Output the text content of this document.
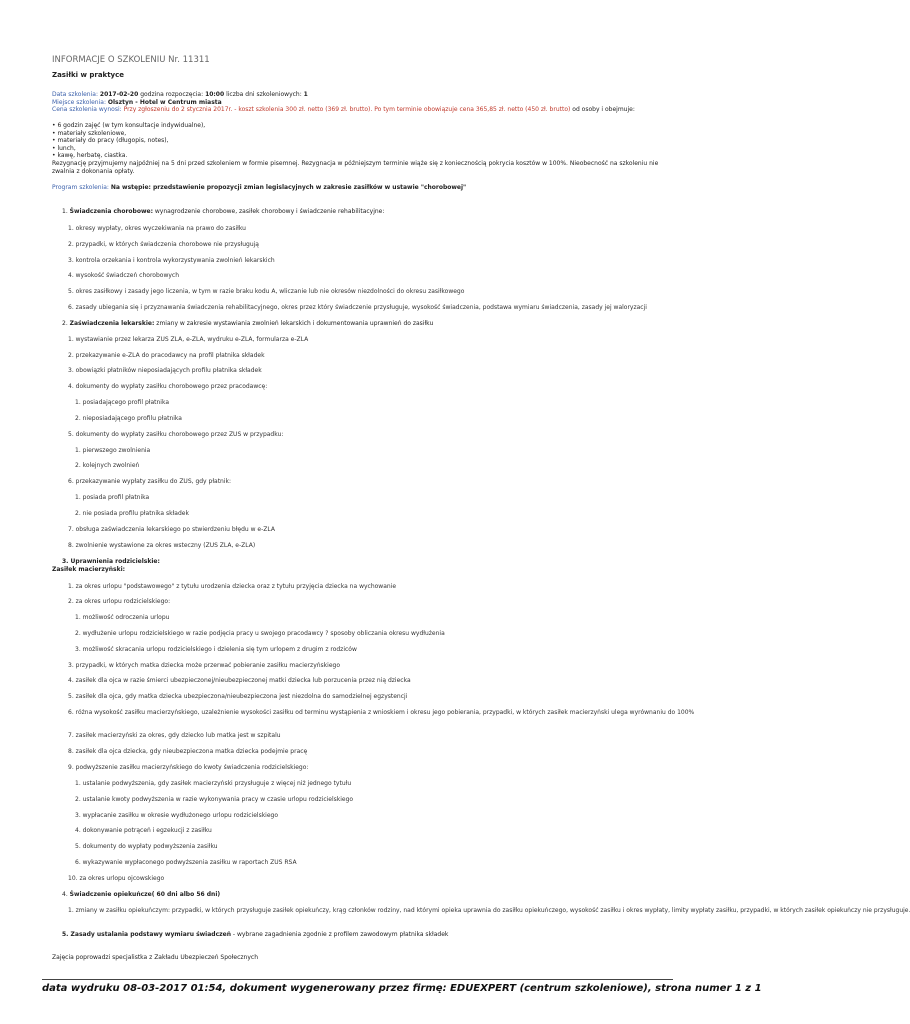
INFORMACJE O SZKOLENIU Nr. 11311
Zasiłki w praktyce
Data szkolenia: 2017-02-20 godzina rozpoczęcia: 10:00 liczba dni szkoleniowych: 1
Miejsce szkolenia: Olsztyn - Hotel w Centrum miasta
Cena szkolenia wynosi: Przy zgłoszeniu do 2 stycznia 2017r. - koszt szkolenia 300 zł. netto (369 zł. brutto). Po tym terminie obowiązuje cena 365,85 zł. netto (450 zł. brutto) od osoby i obejmuje:
• 6 godzin zajęć (w tym konsultacje indywidualne),
• materiały szkoleniowe,
• materiały do pracy (długopis, notes),
• lunch,
• kawę, herbatę, ciastka.
Rezygnację przyjmujemy najpóźniej na 5 dni przed szkoleniem w formie pisemnej. Rezygnacja w późniejszym terminie wiąże się z koniecznością pokrycia kosztów w 100%. Nieobecność na szkoleniu nie zwalnia z dokonania opłaty.
Program szkolenia: Na wstępie: przedstawienie propozycji zmian legislacyjnych w zakresie zasiłków w ustawie "chorobowej"
1. Świadczenia chorobowe: wynagrodzenie chorobowe, zasiłek chorobowy i świadczenie rehabilitacyjne:
1. okresy wypłaty, okres wyczekiwania na prawo do zasiłku
2. przypadki, w których świadczenia chorobowe nie przysługują
3. kontrola orzekania i kontrola wykorzystywania zwolnień lekarskich
4. wysokość świadczeń chorobowych
5. okres zasiłkowy i zasady jego liczenia, w tym w razie braku kodu A, wliczanie lub nie okresów niezdolności do okresu zasiłkowego
6. zasady ubiegania się i przyznawania świadczenia rehabilitacyjnego, okres przez który świadczenie przysługuje, wysokość świadczenia, podstawa wymiaru świadczenia, zasady jej waloryzacji
2. Zaświadczenia lekarskie: zmiany w zakresie wystawiania zwolnień lekarskich i dokumentowania uprawnień do zasiłku
1. wystawianie przez lekarza ZUS ZLA, e-ZLA, wydruku e-ZLA, formularza e-ZLA
2. przekazywanie e-ZLA do pracodawcy na profil płatnika składek
3. obowiązki płatników nieposiadających profilu płatnika składek
4. dokumenty do wypłaty zasiłku chorobowego przez pracodawcę:
1. posiadającego profil płatnika
2. nieposiadającego profilu płatnika
5. dokumenty do wypłaty zasiłku chorobowego przez ZUS w przypadku:
1. pierwszego zwolnienia
2. kolejnych zwolnień
6. przekazywanie wypłaty zasiłku do ZUS, gdy płatnik:
1. posiada profil płatnika
2. nie posiada profilu płatnika składek
7. obsługa zaświadczenia lekarskiego po stwierdzeniu błędu w e-ZLA
8. zwolnienie wystawione za okres wsteczny (ZUS ZLA, e-ZLA)
3. Uprawnienia rodzicielskie:
Zasiłek macierzyński:
1. za okres urlopu "podstawowego" z tytułu urodzenia dziecka oraz z tytułu przyjęcia dziecka na wychowanie
2. za okres urlopu rodzicielskiego:
1. możliwość odroczenia urlopu
2. wydłużenie urlopu rodzicielskiego w razie podjęcia pracy u swojego pracodawcy ? sposoby obliczania okresu wydłużenia
3. możliwość skracania urlopu rodzicielskiego i dzielenia się tym urlopem z drugim z rodziców
3. przypadki, w których matka dziecka może przerwać pobieranie zasiłku macierzyńskiego
4. zasiłek dla ojca w razie śmierci ubezpieczonej/nieubezpieczonej matki dziecka lub porzucenia przez nią dziecka
5. zasiłek dla ojca, gdy matka dziecka ubezpieczona/nieubezpieczona jest niezdolna do samodzielnej egzystencji
6. różna wysokość zasiłku macierzyńskiego, uzależnienie wysokości zasiłku od terminu wystąpienia z wnioskiem i okresu jego pobierania, przypadki, w których zasiłek macierzyński ulega wyrównaniu do 100%
7. zasiłek macierzyński za okres, gdy dziecko lub matka jest w szpitalu
8. zasiłek dla ojca dziecka, gdy nieubezpieczona matka dziecka podejmie pracę
9. podwyższenie zasiłku macierzyńskiego do kwoty świadczenia rodzicielskiego:
1. ustalanie podwyższenia, gdy zasiłek macierzyński przysługuje z więcej niż jednego tytułu
2. ustalanie kwoty podwyższenia w razie wykonywania pracy w czasie urlopu rodzicielskiego
3. wypłacanie zasiłku w okresie wydłużonego urlopu rodzicielskiego
4. dokonywanie potrąceń i egzekucji z zasiłku
5. dokumenty do wypłaty podwyższenia zasiłku
6. wykazywanie wypłaconego podwyższenia zasiłku w raportach ZUS RSA
10. za okres urlopu ojcowskiego
4. Świadczenie opiekuńcze( 60 dni albo 56 dni)
1. zmiany w zasiłku opiekuńczym: przypadki, w których przysługuje zasiłek opiekuńczy, krąg członków rodziny, nad którymi opieka uprawnia do zasiłku opiekuńczego, wysokość zasiłku i okres wypłaty, limity wypłaty zasiłku, przypadki, w których zasiłek opiekuńczy nie przysługuje.
5. Zasady ustalania podstawy wymiaru świadczeń - wybrane zagadnienia zgodnie z profilem zawodowym płatnika składek
Zajęcia poprowadzi specjalistka z Zakładu Ubezpieczeń Społecznych
data wydruku 08-03-2017 01:54, dokument wygenerowany przez firmę: EDUEXPERT (centrum szkoleniowe), strona numer 1 z 1
